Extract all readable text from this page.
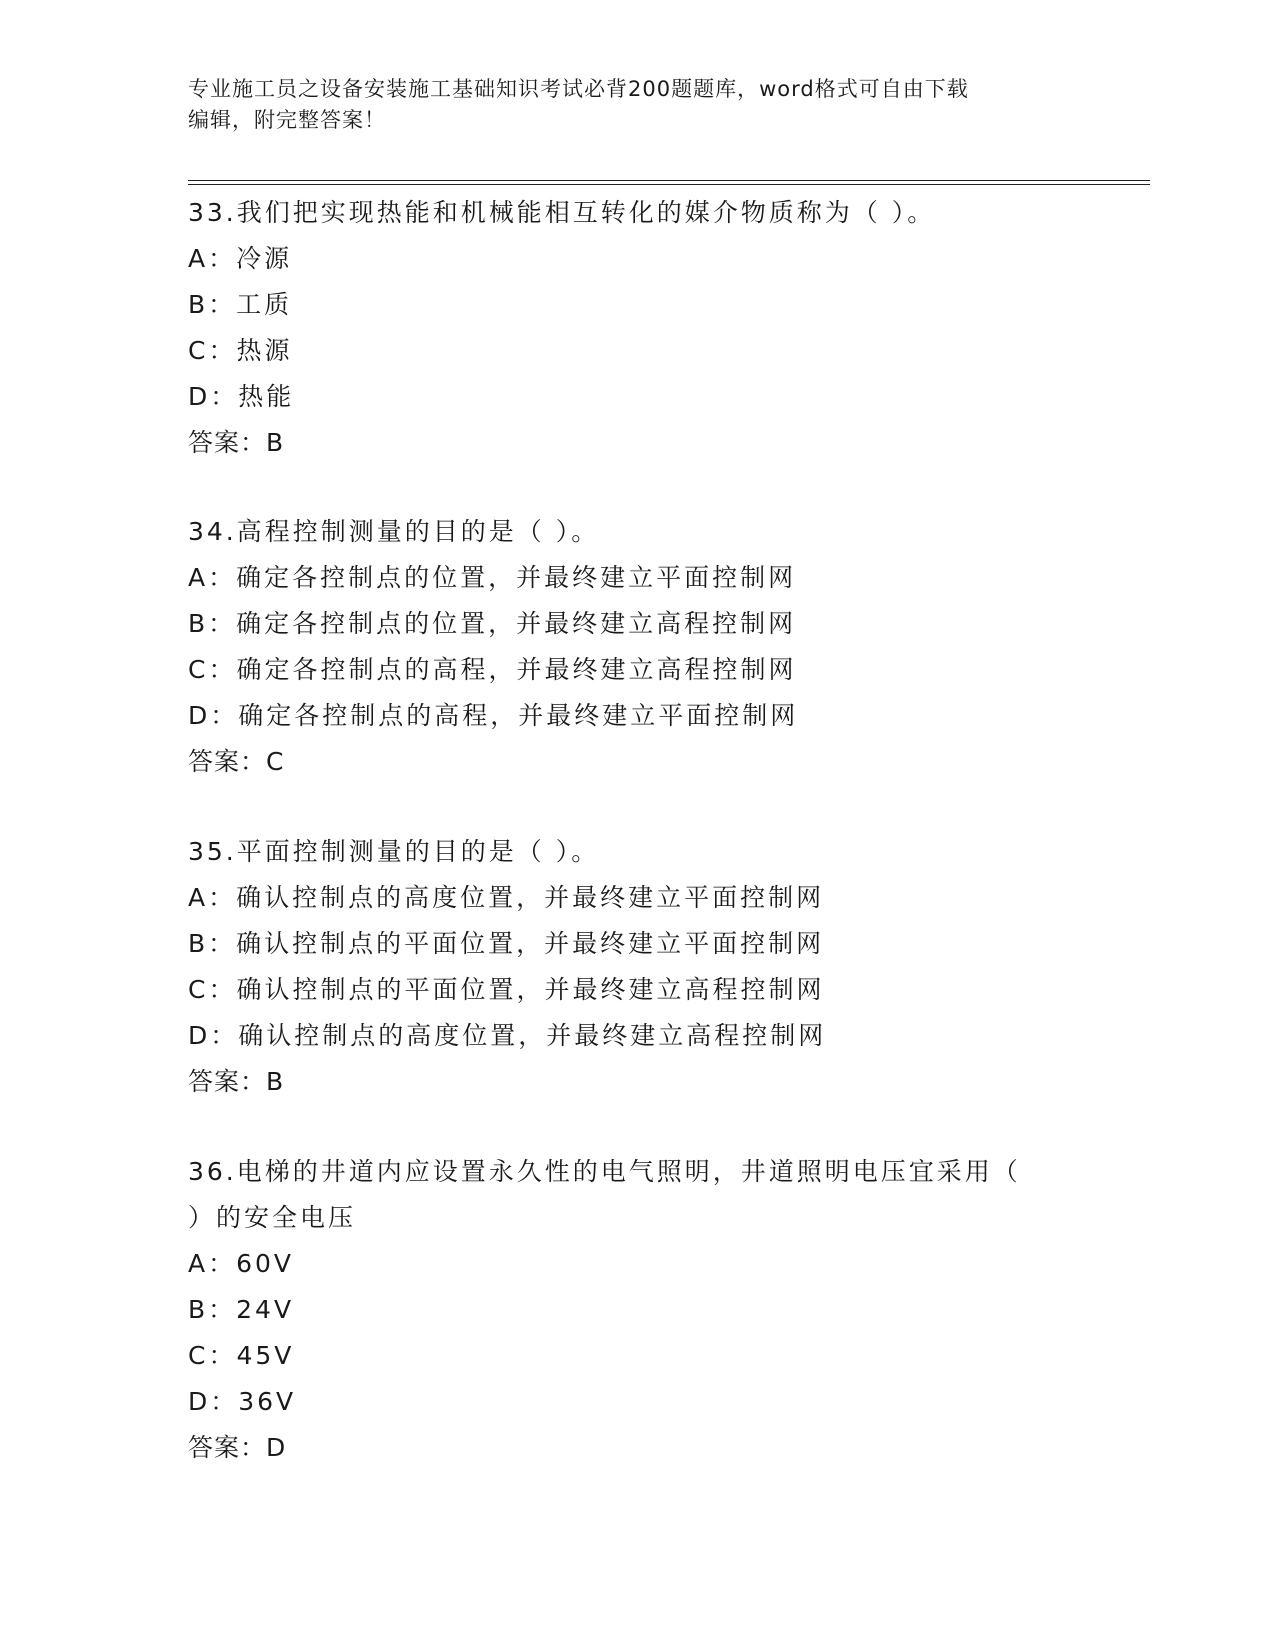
专业施工员之设备安装施工基础知识考试必背200题题库，word格式可自由下载
编辑，附完整答案！
33.我们把实现热能和机械能相互转化的媒介物质称为（ ）。
A：冷源
B：工质
C：热源
D：热能
答案：B
34.高程控制测量的目的是（ ）。
A：确定各控制点的位置，并最终建立平面控制网
B：确定各控制点的位置，并最终建立高程控制网
C：确定各控制点的高程，并最终建立高程控制网
D：确定各控制点的高程，并最终建立平面控制网
答案：C
35.平面控制测量的目的是（ ）。
A：确认控制点的高度位置，并最终建立平面控制网
B：确认控制点的平面位置，并最终建立平面控制网
C：确认控制点的平面位置，并最终建立高程控制网
D：确认控制点的高度位置，并最终建立高程控制网
答案：B
36.电梯的井道内应设置永久性的电气照明，井道照明电压宜采用（
）的安全电压
A：60V
B：24V
C：45V
D：36V
答案：D
